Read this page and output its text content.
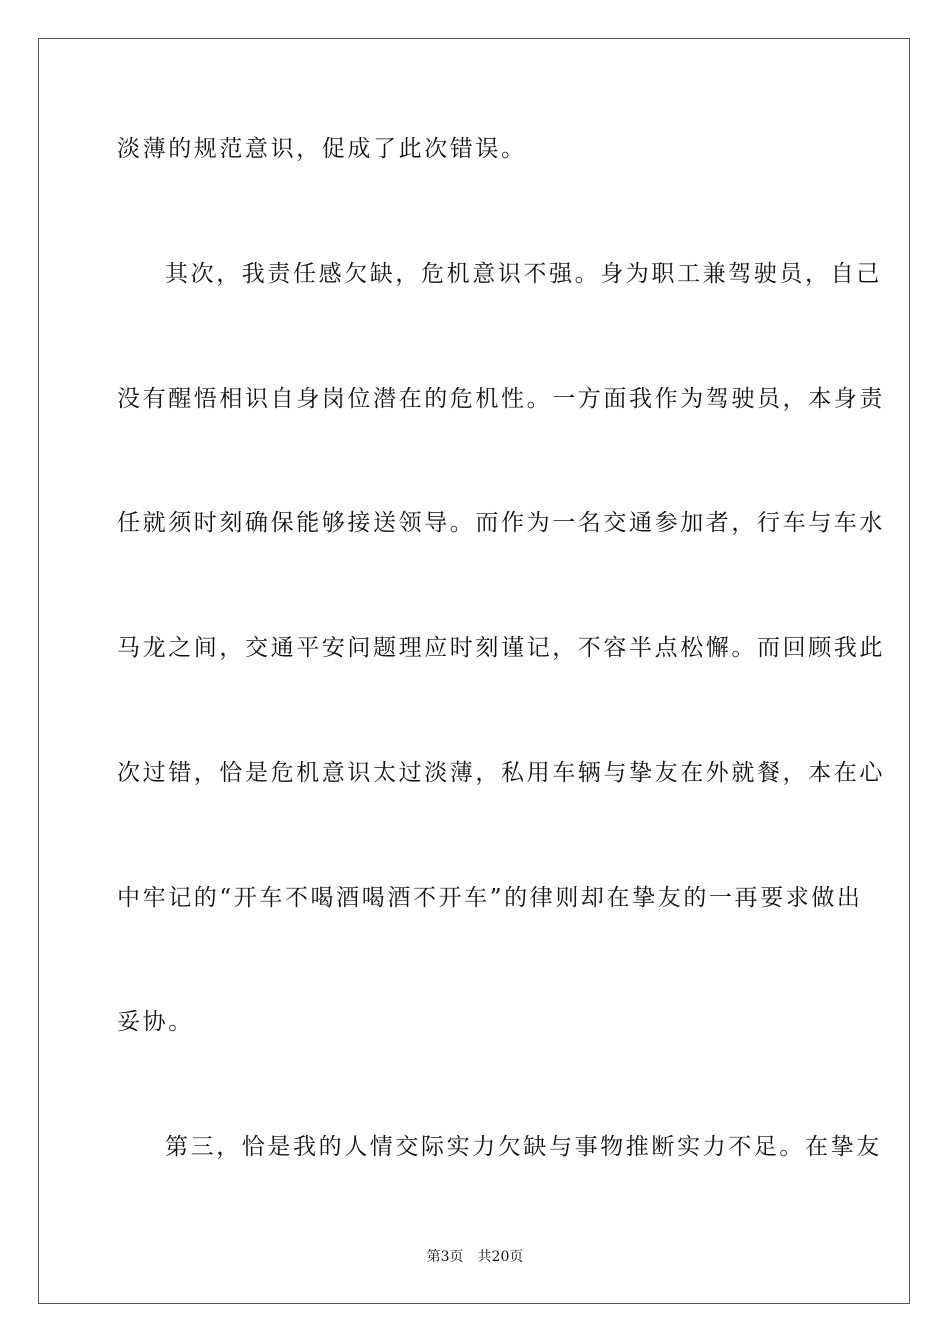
淡薄的规范意识，促成了此次错误。
其次，我责任感欠缺，危机意识不强。身为职工兼驾驶员，自己
没有醒悟相识自身岗位潜在的危机性。一方面我作为驾驶员，本身责
任就须时刻确保能够接送领导。而作为一名交通参加者，行车与车水
马龙之间，交通平安问题理应时刻谨记，不容半点松懈。而回顾我此
次过错，恰是危机意识太过淡薄，私用车辆与挚友在外就餐，本在心
中牢记的“开车不喝酒喝酒不开车”的律则却在挚友的一再要求做出
妥协。
第三，恰是我的人情交际实力欠缺与事物推断实力不足。在挚友
第3页 共20页
